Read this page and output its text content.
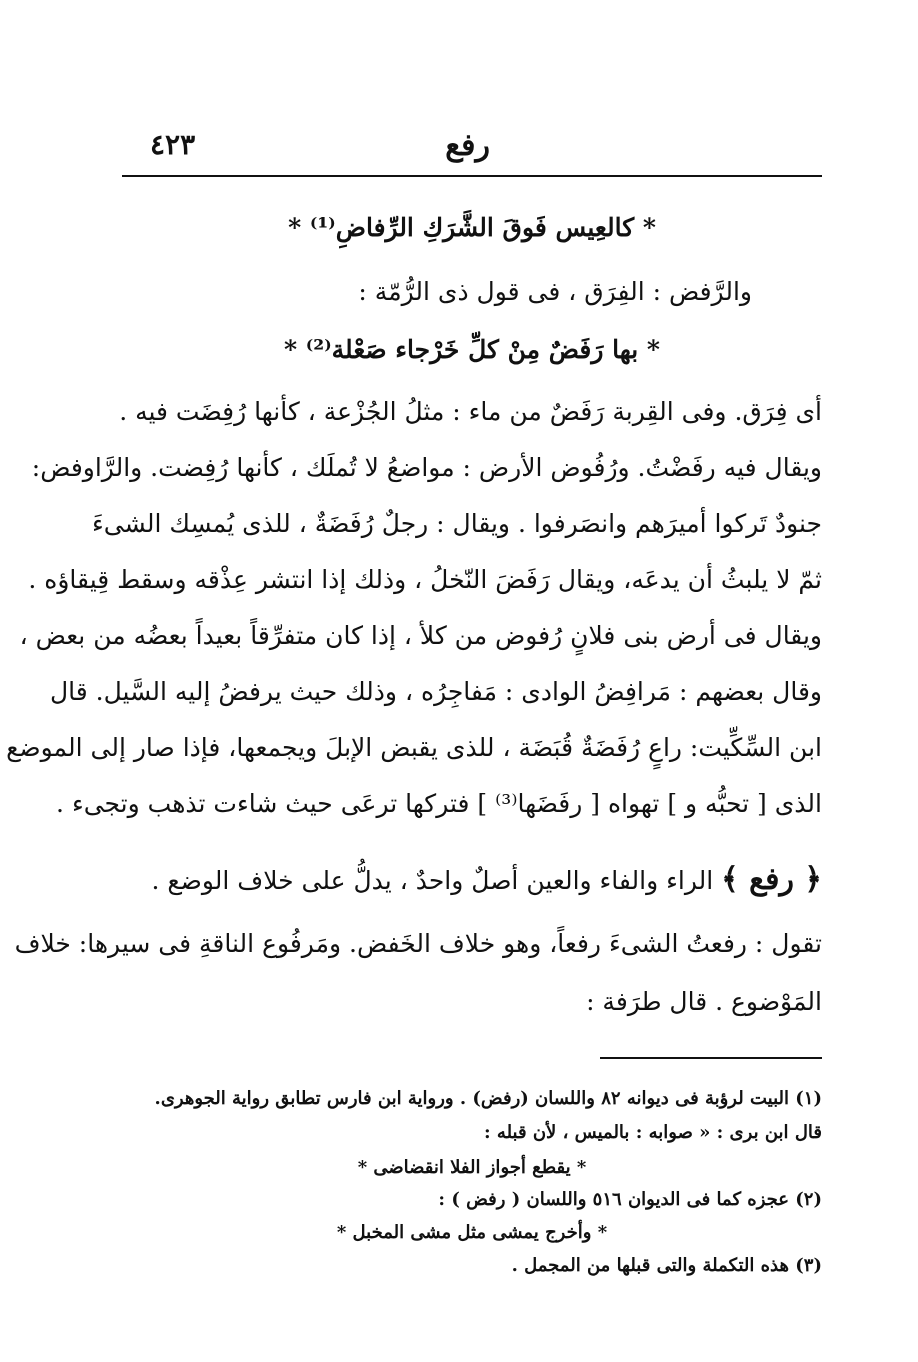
رفع
٤٢٣
* كالعِيس فَوقَ الشَّرَكِ الرِّفاضِ⁽¹⁾ *
والرَّفض : الفِرَق ، فى قول ذى الرُّمّة :
* بها رَفَضٌ مِنْ كلِّ خَرْجاء صَعْلة⁽²⁾ *
أى فِرَق. وفى القِربة رَفَضٌ من ماء : مثلُ الجُزْعة ، كأنها رُفِضَت فيه .
ويقال فيه رفَضْتُ. ورُفُوض الأرض : مواضعُ لا تُملَك ، كأنها رُفِضت. والرَّاوفض:
جنودٌ تَركوا أميرَهم وانصَرفوا . ويقال : رجلٌ رُفَضَةٌ ، للذى يُمسِك الشىءَ
ثمّ لا يلبثُ أن يدعَه، ويقال رَفَضَ النّخلُ ، وذلك إذا انتشر عِذْقه وسقط قِيقاؤه .
ويقال فى أرض بنى فلانٍ رُفوض من كلأ ، إذا كان متفرِّقاً بعيداً بعضُه من بعض ،
وقال بعضهم : مَرافِضُ الوادى : مَفاجِرُه ، وذلك حيث يرفضُ إليه السَّيل. قال
ابن السِّكِّيت: راعٍ رُفَضَةٌ قُبَضَة ، للذى يقبض الإبلَ ويجمعها، فإذا صار إلى الموضع
الذى [ تحبُّه و ] تهواه [ رفَضَها⁽³⁾ ] فتركها ترعَى حيث شاءت تذهب وتجىء .
﴿ رفع ﴾ الراء والفاء والعين أصلٌ واحدٌ ، يدلُّ على خلاف الوضع .
تقول : رفعتُ الشىءَ رفعاً، وهو خلاف الخَفض. ومَرفُوع الناقةِ فى سيرها: خلاف
المَوْضوع . قال طرَفة :
(١) البيت لرؤبة فى ديوانه ٨٢ واللسان (رفض) . ورواية ابن فارس تطابق رواية الجوهرى.
قال ابن برى : « صوابه : بالميس ، لأن قبله :
* يقطع أجواز الفلا انقضاضى *
(٢) عجزه كما فى الديوان ٥١٦ واللسان ( رفض ) :
* وأخرج يمشى مثل مشى المخبل *
(٣) هذه التكملة والتى قبلها من المجمل .
